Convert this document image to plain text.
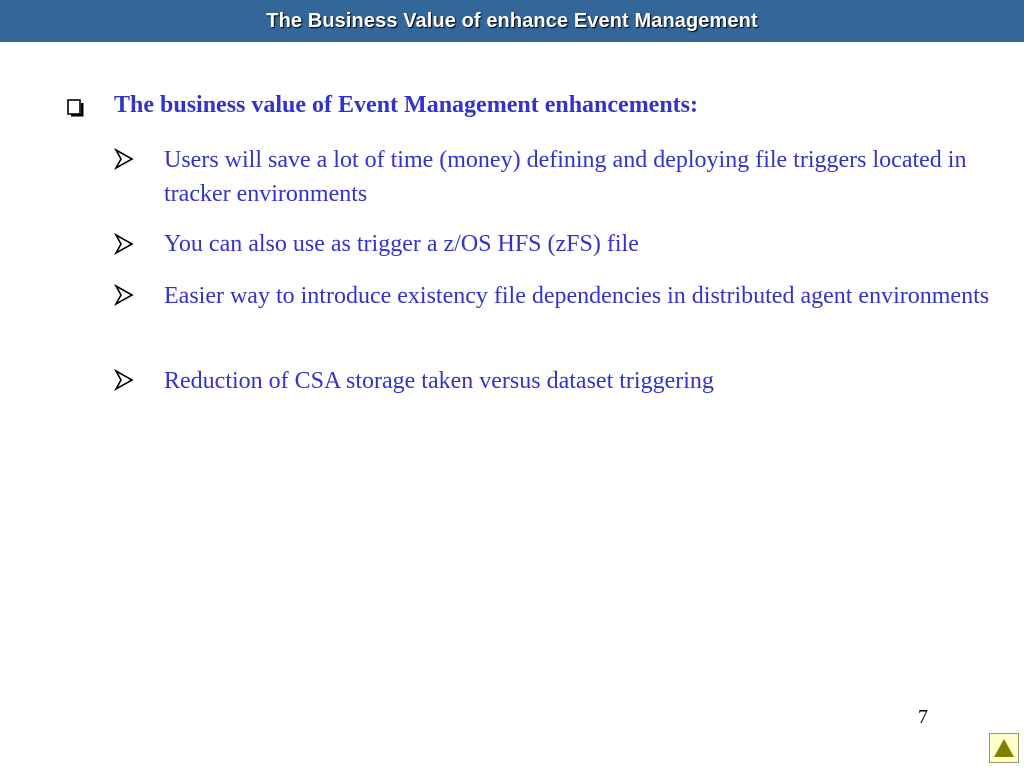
The Business Value of enhance Event Management
The business value of Event Management enhancements:
Users will save a lot of time (money) defining and deploying file triggers located in tracker environments
You can also use as trigger a z/OS HFS (zFS) file
Easier way to introduce existency file dependencies in distributed agent environments
Reduction of CSA storage taken versus dataset triggering
7
